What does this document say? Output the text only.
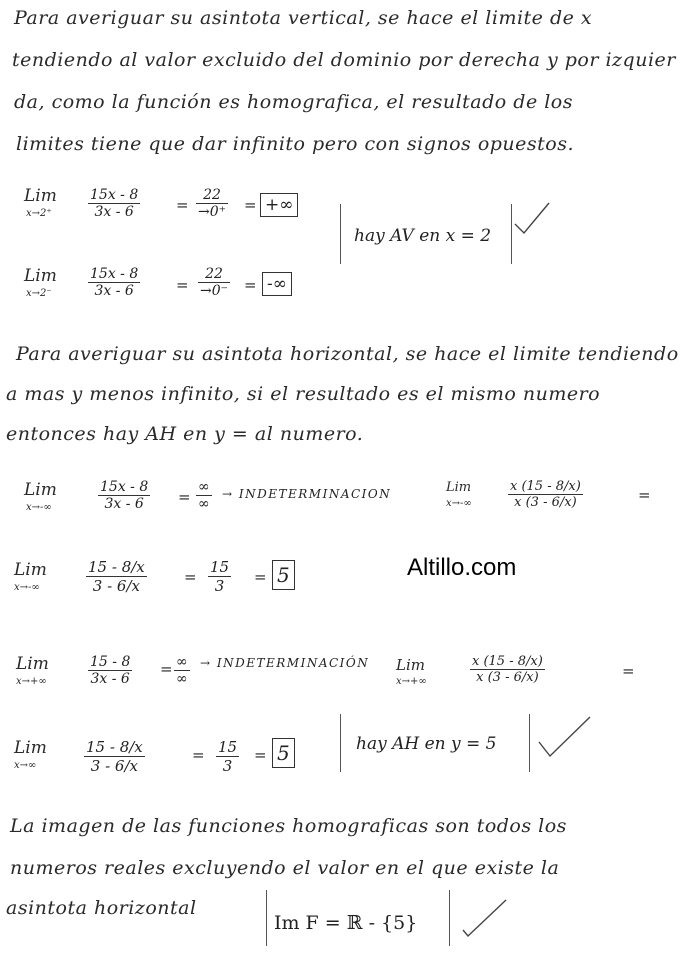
Para averiguar su asintota vertical, se hace el limite de x
tendiendo al valor excluido del dominio por derecha y por izquier
da, como la función es homografica, el resultado de los
limites tiene que dar infinito pero con signos opuestos.
Lim
x→2⁺	$\frac{15x - 8}{3x - 6} = \frac{22}{\to 0^+}$ = +∞
hay AV en x = 2
Lim
x→2⁻	$\frac{15x - 8}{3x - 6} = \frac{22}{\to 0^-}$ = -∞
Para averiguar su asintota horizontal, se hace el limite tendiendo
a mas y menos infinito, si el resultado es el mismo numero
entonces hay AH en y = al numero.
Lim
x→-∞	$\frac{15x - 8}{3x - 6}$ =
∞
∞
→ INDETERMINACION	Lim
x→-∞	$\frac{x (15 - 8/x)}{x (3 - 6/x)}$	=
Lim
x→-∞	$\frac{15 - 8/x}{3 - 6/x} = \frac{15}{3} = 5$	Altillo.com
Lim
x→+∞	$\frac{15 - 8}{3x - 6}$ = ∞
∞
→ INDETERMINACIÓN Lim
x→+∞	$\frac{x (15 - 8/x)}{x (3 - 6/x)}$	=
Lim
x→∞	$\frac{15 - 8/x}{3 - 6/x}$	= $\frac{15}{3} = 5$	hay AH en y = 5
La imagen de las funciones homograficas son todos los
numeros reales excluyendo el valor en el que existe la
asintota horizontal
Im F = ℝ - {5}
